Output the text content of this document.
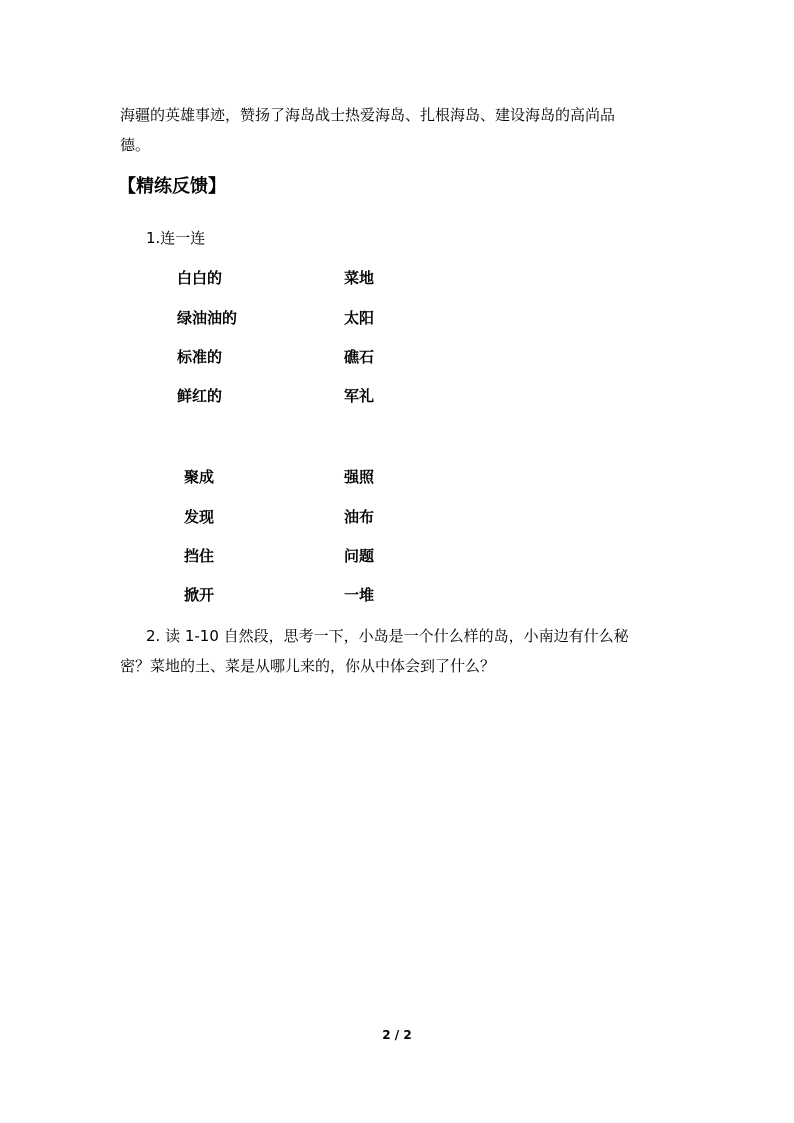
海疆的英雄事迹，赞扬了海岛战士热爱海岛、扎根海岛、建设海岛的高尚品
德。
【精练反馈】
1.连一连
白白的
绿油油的
标准的
鲜红的
菜地
太阳
礁石
军礼
聚成
发现
挡住
掀开
强照
油布
问题
一堆
2. 读 1-10 自然段，思考一下，小岛是一个什么样的岛，小南边有什么秘
密？菜地的土、菜是从哪儿来的，你从中体会到了什么？
2 / 2
